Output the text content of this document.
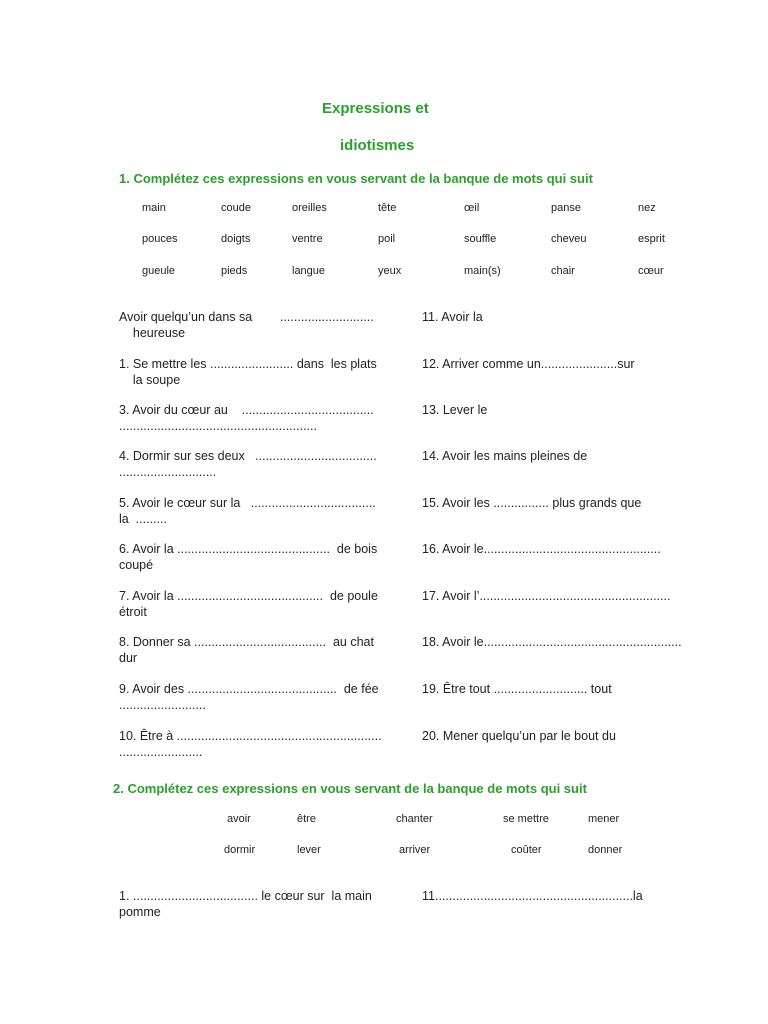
Expressions et
idiotismes
1. Complétez ces expressions en vous servant de la banque de mots qui suit
main	coude	oreilles	tête	œil	panse	nez
pouces	doigts	ventre	poil	souffle	cheveu	esprit
gueule	pieds	langue	yeux	main(s)	chair	cœur
Avoir quelqu’un dans sa        ...........................
heureuse
1. Se mettre les ........................ dans  les plats
la soupe
3. Avoir du cœur au    ......................................
.........................................................
4. Dormir sur ses deux   ...................................
............................
5. Avoir le cœur sur la   ....................................
la  .........
6. Avoir la ............................................  de bois
coupé
7. Avoir la ..........................................  de poule
étroit
8. Donner sa ......................................  au chat
dur
9. Avoir des ...........................................  de fée
.........................
10. Être à ...........................................................
........................
11. Avoir la
12. Arriver comme un......................sur
13. Lever le
14. Avoir les mains pleines de
15. Avoir les ................ plus grands que
16. Avoir le...................................................
17. Avoir l’.......................................................
18. Avoir le.........................................................
19. Être tout ........................... tout
20. Mener quelqu’un par le bout du
2. Complétez ces expressions en vous servant de la banque de mots qui suit
avoir	être	chanter	se mettre	mener
dormir	lever	arriver	coûter	donner
1. .................................... le cœur sur  la main
pomme
11.........................................................la
